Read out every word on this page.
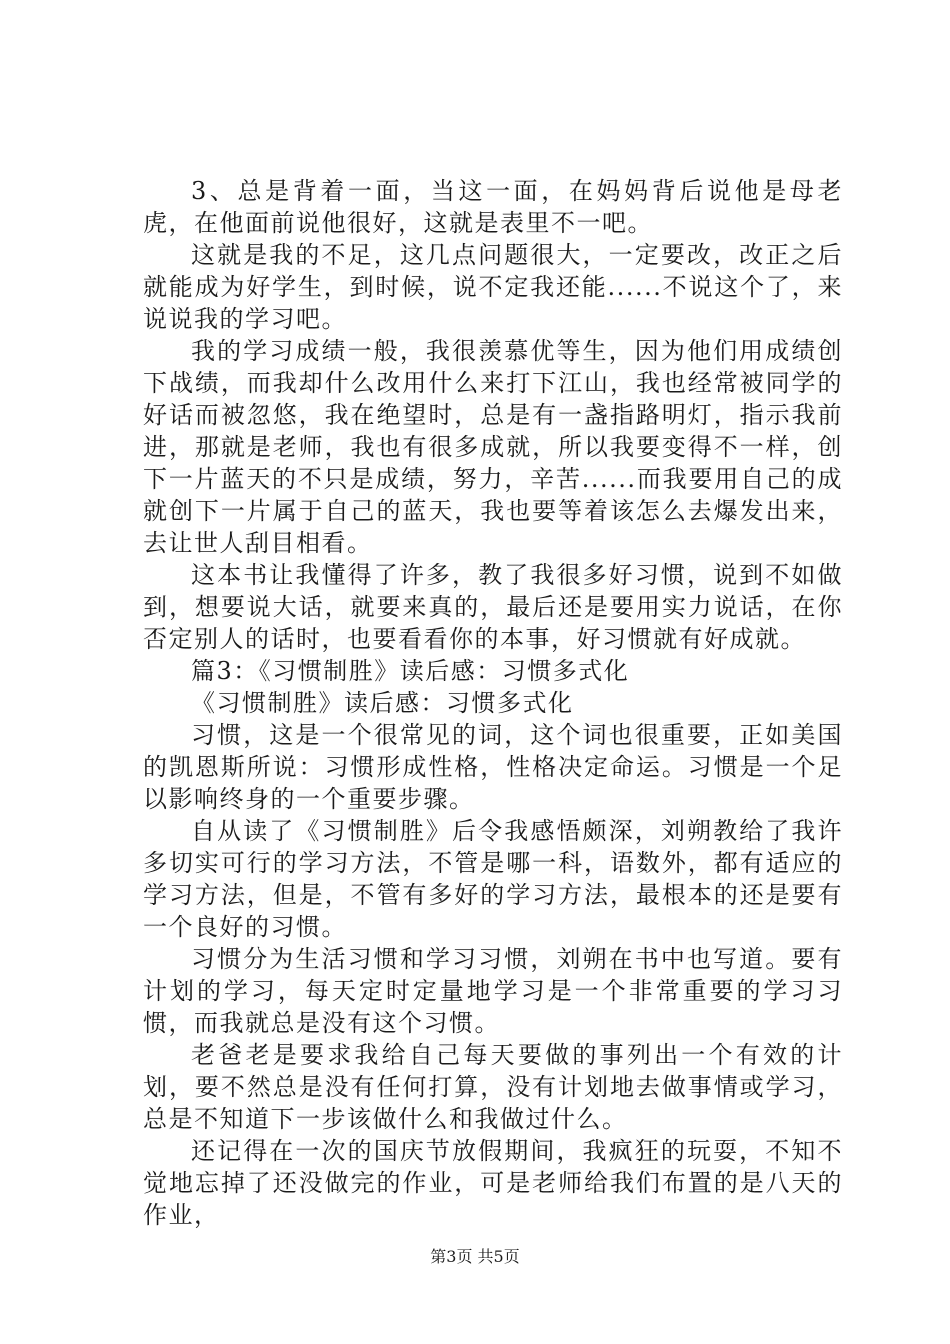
3、总是背着一面，当这一面，在妈妈背后说他是母老虎，在他面前说他很好，这就是表里不一吧。

这就是我的不足，这几点问题很大，一定要改，改正之后就能成为好学生，到时候，说不定我还能......不说这个了，来说说我的学习吧。

我的学习成绩一般，我很羡慕优等生，因为他们用成绩创下战绩，而我却什么改用什么来打下江山，我也经常被同学的好话而被忽悠，我在绝望时，总是有一盏指路明灯，指示我前进，那就是老师，我也有很多成就，所以我要变得不一样，创下一片蓝天的不只是成绩，努力，辛苦......而我要用自己的成就创下一片属于自己的蓝天，我也要等着该怎么去爆发出来，去让世人刮目相看。

这本书让我懂得了许多，教了我很多好习惯，说到不如做到，想要说大话，就要来真的，最后还是要用实力说话，在你否定别人的话时，也要看看你的本事，好习惯就有好成就。

篇3：《习惯制胜》读后感：习惯多式化

《习惯制胜》读后感：习惯多式化

习惯，这是一个很常见的词，这个词也很重要，正如美国的凯恩斯所说：习惯形成性格，性格决定命运。习惯是一个足以影响终身的一个重要步骤。

自从读了《习惯制胜》后令我感悟颇深，刘朔教给了我许多切实可行的学习方法，不管是哪一科，语数外，都有适应的学习方法，但是，不管有多好的学习方法，最根本的还是要有一个良好的习惯。

习惯分为生活习惯和学习习惯，刘朔在书中也写道。要有计划的学习，每天定时定量地学习是一个非常重要的学习习惯，而我就总是没有这个习惯。

老爸老是要求我给自己每天要做的事列出一个有效的计划，要不然总是没有任何打算，没有计划地去做事情或学习，总是不知道下一步该做什么和我做过什么。

还记得在一次的国庆节放假期间，我疯狂的玩耍，不知不觉地忘掉了还没做完的作业，可是老师给我们布置的是八天的作业，

第3页 共5页
